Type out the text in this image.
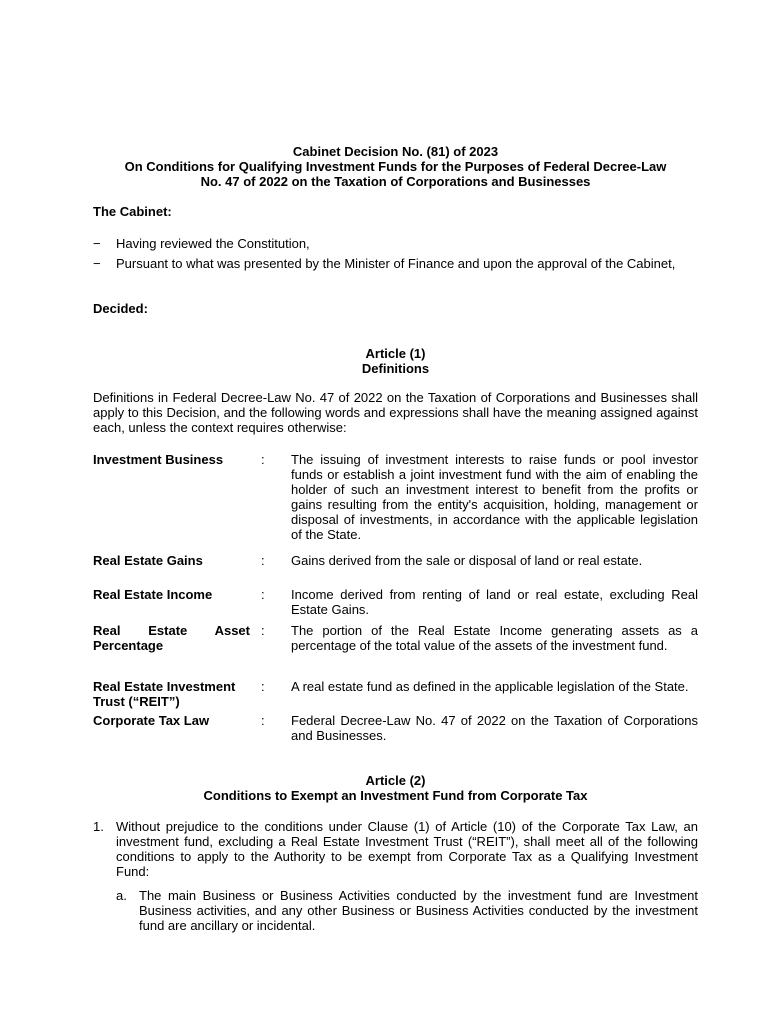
Cabinet Decision No. (81) of 2023
On Conditions for Qualifying Investment Funds for the Purposes of Federal Decree-Law
No. 47 of 2022 on the Taxation of Corporations and Businesses
The Cabinet:
− Having reviewed the Constitution,
− Pursuant to what was presented by the Minister of Finance and upon the approval of the Cabinet,
Decided:
Article (1)
Definitions
Definitions in Federal Decree-Law No. 47 of 2022 on the Taxation of Corporations and Businesses shall apply to this Decision, and the following words and expressions shall have the meaning assigned against each, unless the context requires otherwise:
Investment Business	: The issuing of investment interests to raise funds or pool investor funds or establish a joint investment fund with the aim of enabling the holder of such an investment interest to benefit from the profits or gains resulting from the entity's acquisition, holding, management or disposal of investments, in accordance with the applicable legislation of the State.
Real Estate Gains	: Gains derived from the sale or disposal of land or real estate.
Real Estate Income	: Income derived from renting of land or real estate, excluding Real Estate Gains.
Real Estate Asset
Percentage
: The portion of the Real Estate Income generating assets as a percentage of the total value of the assets of the investment fund.
Real Estate Investment
Trust (“REIT”)
: A real estate fund as defined in the applicable legislation of the State.
Corporate Tax Law	: Federal Decree-Law No. 47 of 2022 on the Taxation of Corporations and Businesses.
Article (2)
Conditions to Exempt an Investment Fund from Corporate Tax
1. Without prejudice to the conditions under Clause (1) of Article (10) of the Corporate Tax Law, an investment fund, excluding a Real Estate Investment Trust (“REIT”), shall meet all of the following conditions to apply to the Authority to be exempt from Corporate Tax as a Qualifying Investment Fund:
a. The main Business or Business Activities conducted by the investment fund are Investment Business activities, and any other Business or Business Activities conducted by the investment fund are ancillary or incidental.
